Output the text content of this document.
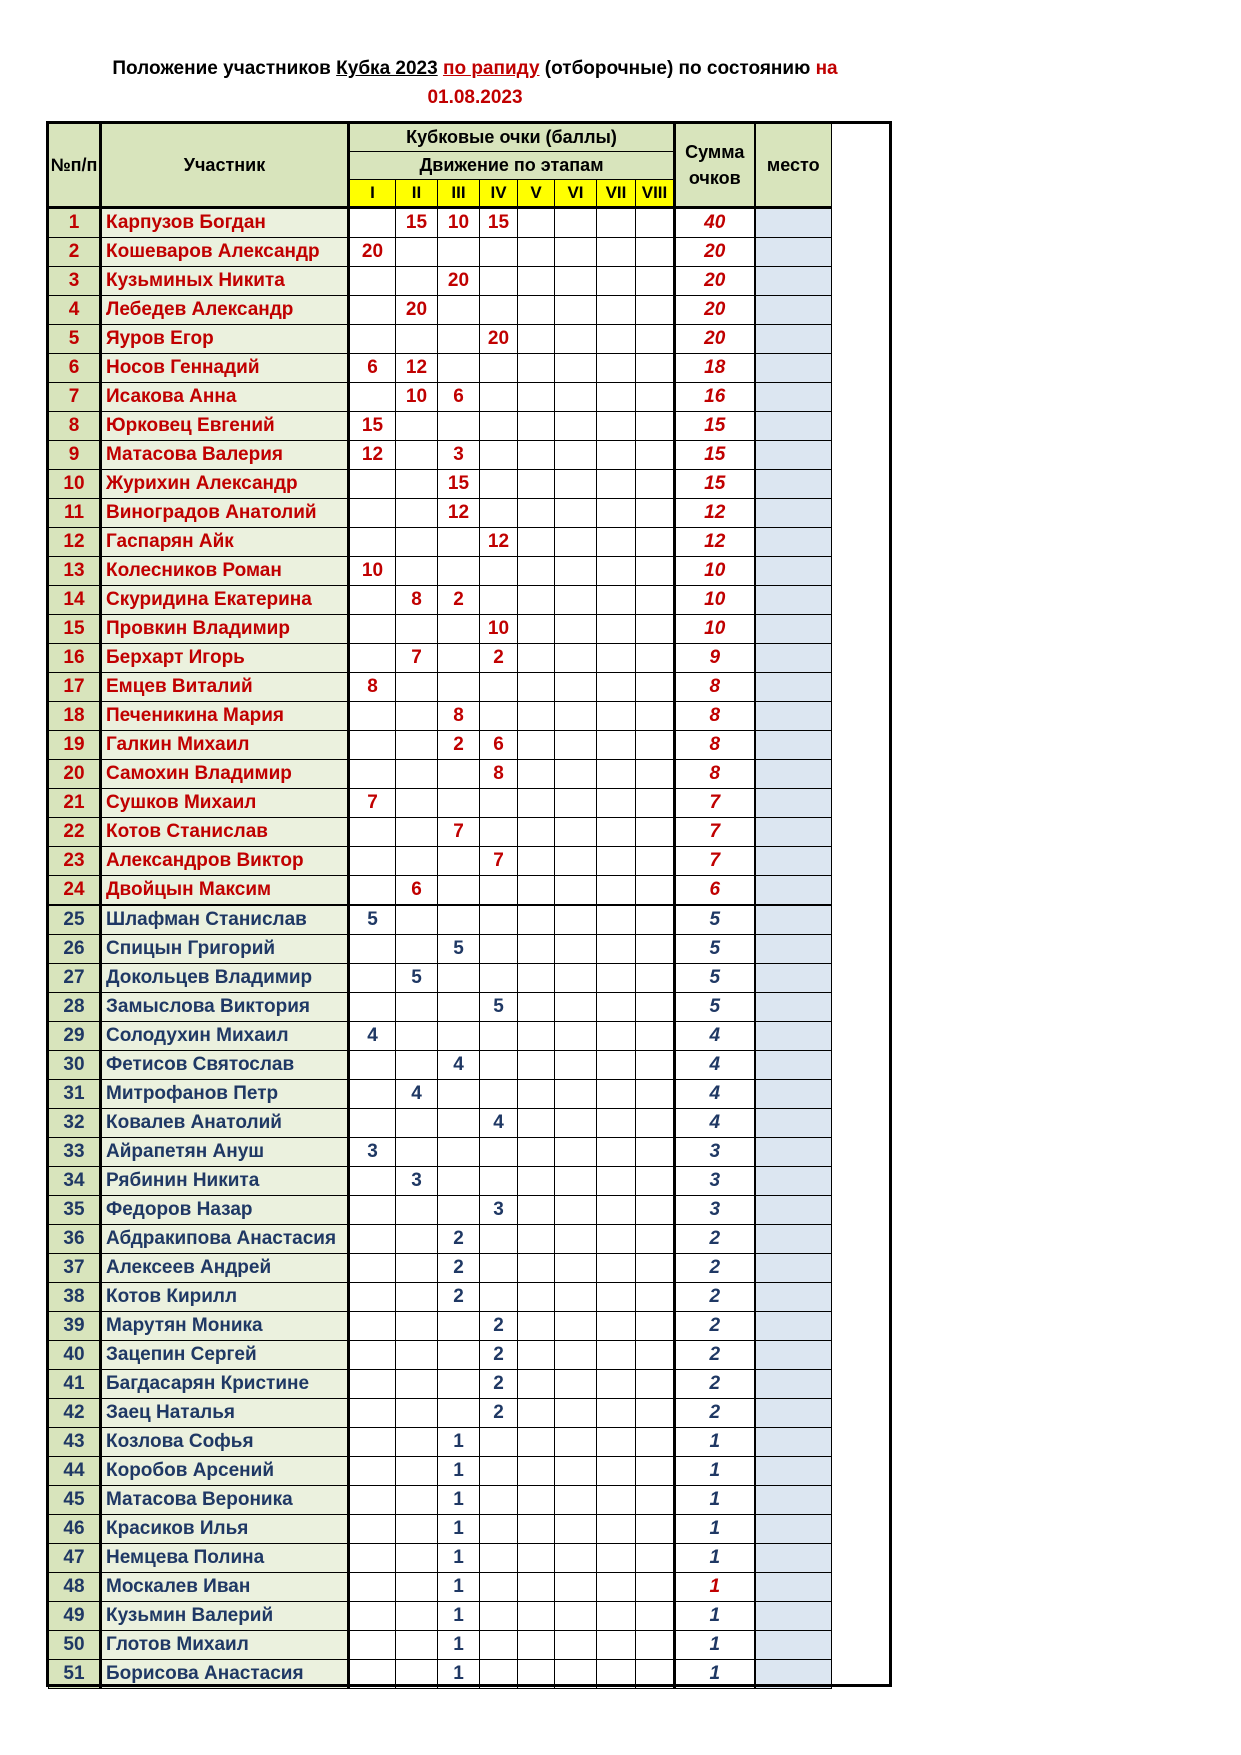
Положение участников Кубка 2023 по рапиду (отборочные) по состоянию на
01.08.2023
№п/п	Участник	Кубковые очки (баллы)								Сумма очков	место
		Движение по этапам									
		I	II	III	IV	V	VI	VII	VIII		
1	Карпузов Богдан		15	10	15					40	
2	Кошеваров Александр	20								20	
3	Кузьминых Никита			20						20	
4	Лебедев Александр		20							20	
5	Яуров Егор				20					20	
6	Носов Геннадий	6	12							18	
7	Исакова Анна		10	6						16	
8	Юрковец Евгений	15								15	
9	Матасова Валерия	12		3						15	
10	Журихин Александр			15						15	
11	Виноградов Анатолий			12						12	
12	Гаспарян Айк				12					12	
13	Колесников Роман	10								10	
14	Скуридина Екатерина		8	2						10	
15	Провкин Владимир				10					10	
16	Берхарт Игорь		7		2					9	
17	Емцев Виталий	8								8	
18	Печеникина Мария			8						8	
19	Галкин Михаил			2	6					8	
20	Самохин Владимир				8					8	
21	Сушков Михаил	7								7	
22	Котов Станислав			7						7	
23	Александров Виктор				7					7	
24	Двойцын Максим		6							6	
25	Шлафман Станислав	5								5	
26	Спицын Григорий			5						5	
27	Докольцев Владимир		5							5	
28	Замыслова Виктория				5					5	
29	Солодухин Михаил	4								4	
30	Фетисов Святослав			4						4	
31	Митрофанов Петр		4							4	
32	Ковалев Анатолий				4					4	
33	Айрапетян Ануш	3								3	
34	Рябинин Никита		3							3	
35	Федоров Назар				3					3	
36	Абдракипова Анастасия			2						2	
37	Алексеев Андрей			2						2	
38	Котов Кирилл			2						2	
39	Марутян Моника				2					2	
40	Зацепин Сергей				2					2	
41	Багдасарян Кристине				2					2	
42	Заец Наталья				2					2	
43	Козлова Софья			1						1	
44	Коробов Арсений			1						1	
45	Матасова Вероника			1						1	
46	Красиков Илья			1						1	
47	Немцева Полина			1						1	
48	Москалев Иван			1						1	
49	Кузьмин Валерий			1						1	
50	Глотов Михаил			1						1	
51	Борисова Анастасия			1						1	
